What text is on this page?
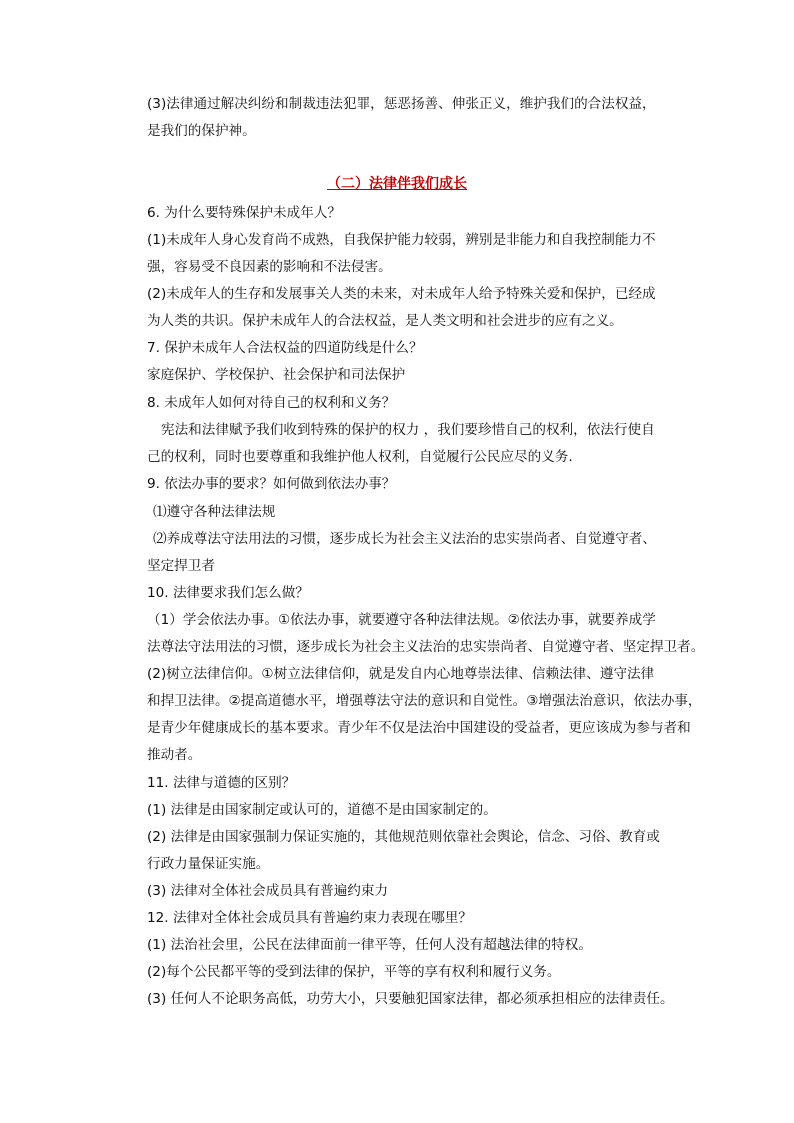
(3)法律通过解决纠纷和制裁违法犯罪，惩恶扬善、伸张正义，维护我们的合法权益，
是我们的保护神。
（二）法律伴我们成长
6. 为什么要特殊保护未成年人？
(1)未成年人身心发育尚不成熟，自我保护能力较弱，辨别是非能力和自我控制能力不
强，容易受不良因素的影响和不法侵害。
(2)未成年人的生存和发展事关人类的未来，对未成年人给予特殊关爱和保护，已经成
为人类的共识。保护未成年人的合法权益，是人类文明和社会进步的应有之义。
7. 保护未成年人合法权益的四道防线是什么？
家庭保护、学校保护、社会保护和司法保护
8. 未成年人如何对待自己的权利和义务？
宪法和法律赋予我们收到特殊的保护的权力 ，我们要珍惜自己的权利，依法行使自
己的权利，同时也要尊重和我维护他人权利，自觉履行公民应尽的义务.
9. 依法办事的要求？如何做到依法办事？
⑴遵守各种法律法规
⑵养成尊法守法用法的习惯，逐步成长为社会主义法治的忠实崇尚者、自觉遵守者、
坚定捍卫者
10. 法律要求我们怎么做？
（1）学会依法办事。①依法办事，就要遵守各种法律法规。②依法办事，就要养成学
法尊法守法用法的习惯，逐步成长为社会主义法治的忠实崇尚者、自觉遵守者、坚定捍卫者。
(2)树立法律信仰。①树立法律信仰，就是发自内心地尊崇法律、信赖法律、遵守法律
和捍卫法律。②提高道德水平，增强尊法守法的意识和自觉性。③增强法治意识，依法办事，
是青少年健康成长的基本要求。青少年不仅是法治中国建设的受益者，更应该成为参与者和
推动者。
11. 法律与道德的区别？
(1) 法律是由国家制定或认可的，道德不是由国家制定的。
(2) 法律是由国家强制力保证实施的，其他规范则依靠社会舆论，信念、习俗、教育或
行政力量保证实施。
(3) 法律对全体社会成员具有普遍约束力
12. 法律对全体社会成员具有普遍约束力表现在哪里？
(1) 法治社会里，公民在法律面前一律平等，任何人没有超越法律的特权。
(2)每个公民都平等的受到法律的保护，平等的享有权利和履行义务。
(3) 任何人不论职务高低，功劳大小，只要触犯国家法律，都必须承担相应的法律责任。
